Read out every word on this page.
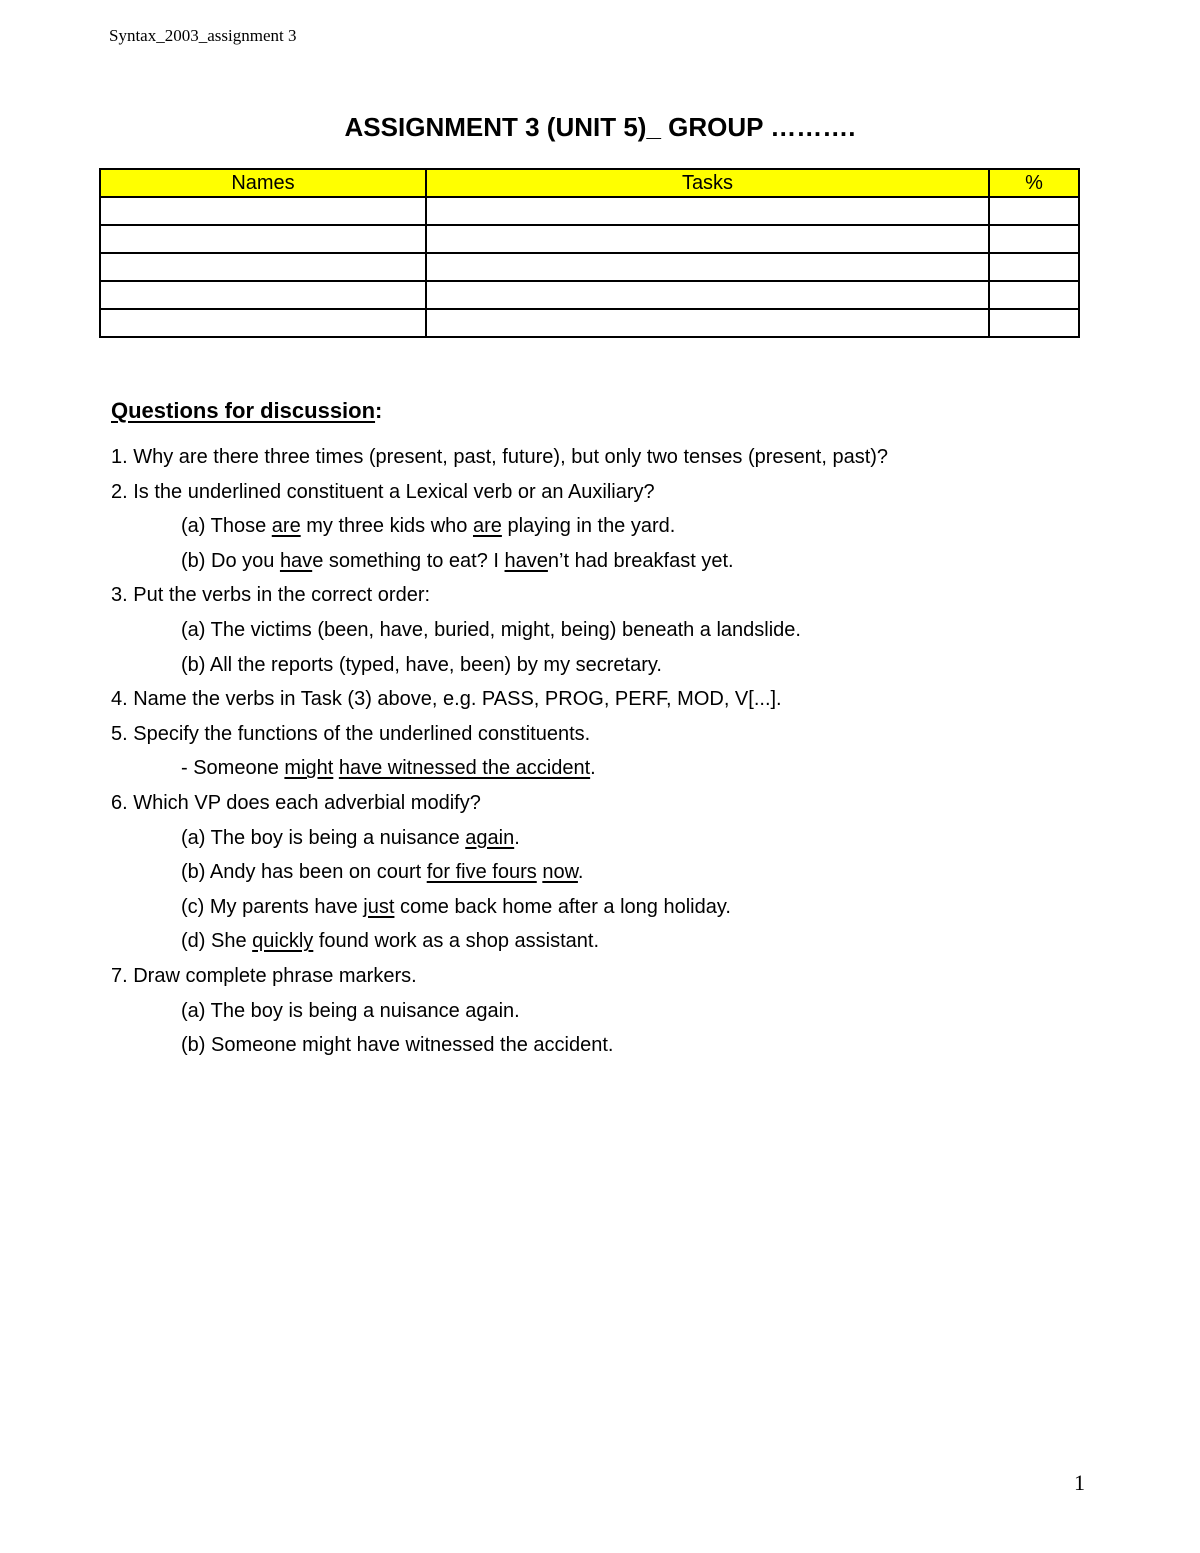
Syntax_2003_assignment 3
ASSIGNMENT 3 (UNIT 5)_ GROUP ……….
Names	Tasks	%

Questions for discussion:
1. Why are there three times (present, past, future), but only two tenses (present, past)?
2. Is the underlined constituent a Lexical verb or an Auxiliary?
(a) Those are my three kids who are playing in the yard.
(b) Do you have something to eat? I haven’t had breakfast yet.
3. Put the verbs in the correct order:
(a) The victims (been, have, buried, might, being) beneath a landslide.
(b) All the reports (typed, have, been) by my secretary.
4. Name the verbs in Task (3) above, e.g. PASS, PROG, PERF, MOD, V[...].
5. Specify the functions of the underlined constituents.
- Someone might have witnessed the accident.
6. Which VP does each adverbial modify?
(a) The boy is being a nuisance again.
(b) Andy has been on court for five fours now.
(c) My parents have just come back home after a long holiday.
(d) She quickly found work as a shop assistant.
7. Draw complete phrase markers.
(a) The boy is being a nuisance again.
(b) Someone might have witnessed the accident.
1
